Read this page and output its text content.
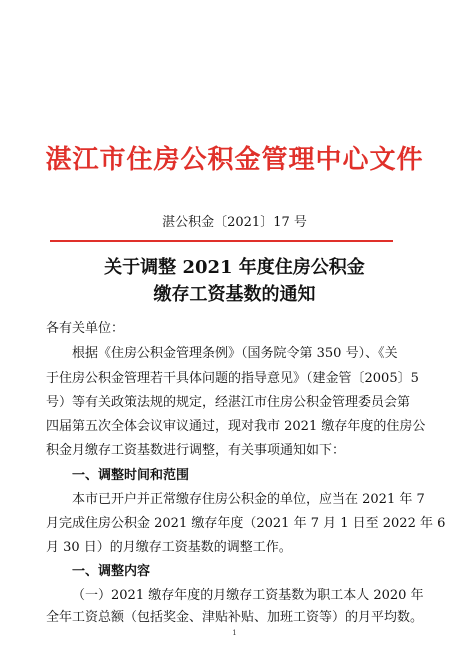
湛江市住房公积金管理中心文件
湛公积金〔2021〕17 号
关于调整 2021 年度住房公积金
缴存工资基数的通知
各有关单位：
根据《住房公积金管理条例》（国务院令第 350 号）、《关
于住房公积金管理若干具体问题的指导意见》（建金管〔2005〕5
号）等有关政策法规的规定，经湛江市住房公积金管理委员会第
四届第五次全体会议审议通过，现对我市 2021 缴存年度的住房公
积金月缴存工资基数进行调整，有关事项通知如下：
一、调整时间和范围
本市已开户并正常缴存住房公积金的单位，应当在 2021 年 7
月完成住房公积金 2021 缴存年度（2021 年 7 月 1 日至 2022 年 6
月 30 日）的月缴存工资基数的调整工作。
一、调整内容
（一）2021 缴存年度的月缴存工资基数为职工本人 2020 年
全年工资总额（包括奖金、津贴补贴、加班工资等）的月平均数。
1
